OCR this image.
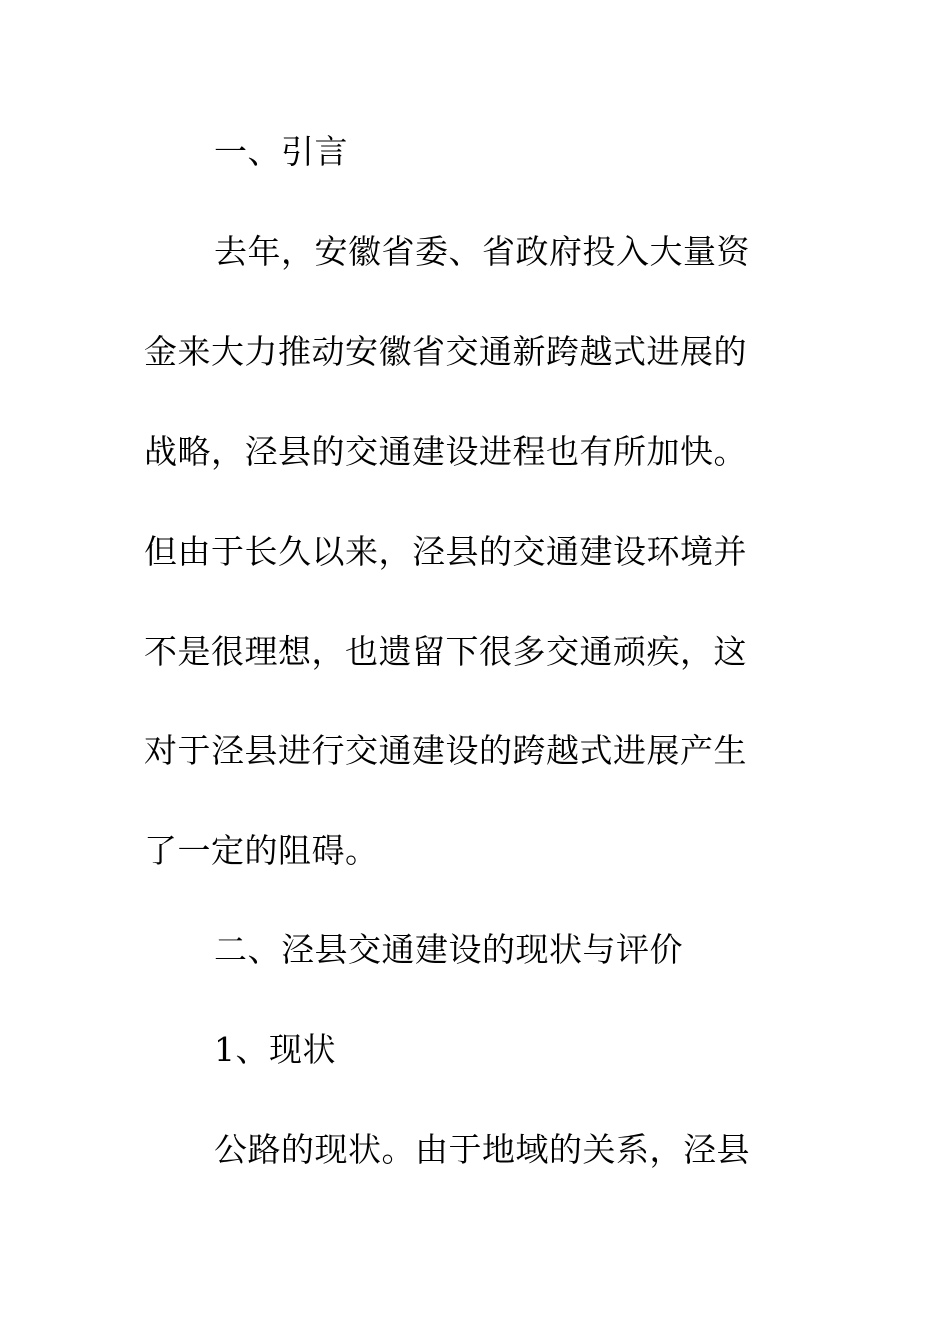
一、引言
去年，安徽省委、省政府投入大量资
金来大力推动安徽省交通新跨越式进展的
战略，泾县的交通建设进程也有所加快。
但由于长久以来，泾县的交通建设环境并
不是很理想，也遗留下很多交通顽疾，这
对于泾县进行交通建设的跨越式进展产生
了一定的阻碍。
二、泾县交通建设的现状与评价
1、现状
公路的现状。由于地域的关系，泾县
